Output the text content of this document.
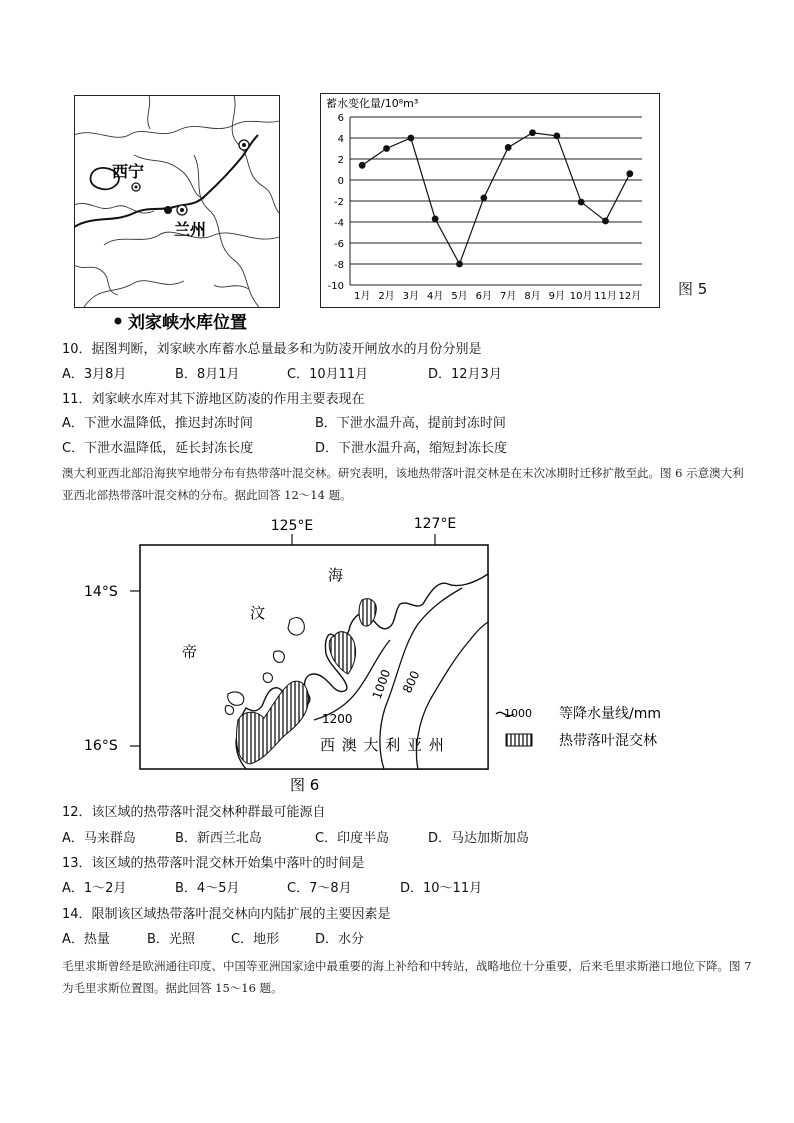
西宁
兰州
刘家峡水库位置
蓄水变化量/10⁸m³
6
4
2
0
-2
-4
-6
-8
-10
1月 2月 3月 4月 5月 6月 7月 8月 9月 10月 11月 12月 图 5
10．据图判断，刘家峡水库蓄水总量最多和为防凌开闸放水的月份分别是
A．3月8月	B．8月1月	C．10月11月	D．12月3月
11．刘家峡水库对其下游地区防凌的作用主要表现在
A．下泄水温降低，推迟封冻时间	B．下泄水温升高，提前封冻时间
C．下泄水温降低，延长封冻长度	D．下泄水温升高，缩短封冻长度
澳大利亚西北部沿海狭窄地带分布有热带落叶混交林。研究表明，该地热带落叶混交林是在末次冰期时迁移扩散至此。图 6 示意澳大利亚西北部热带落叶混交林的分布。据此回答 12～14 题。
125°E	127°E
14°S
16°S
1200
1000 800
帝
汶
海
西 澳 大 利 亚 州
1000 等降水量线/mm
热带落叶混交林
图 6
12．该区域的热带落叶混交林种群最可能源自
A．马来群岛	B．新西兰北岛	C．印度半岛	D．马达加斯加岛
13．该区域的热带落叶混交林开始集中落叶的时间是
A．1～2月	B．4～5月	C．7～8月	D．10～11月
14．限制该区域热带落叶混交林向内陆扩展的主要因素是
A．热量	B．光照	C．地形	D．水分
毛里求斯曾经是欧洲通往印度、中国等亚洲国家途中最重要的海上补给和中转站，战略地位十分重要，后来毛里求斯港口地位下降。图 7 为毛里求斯位置图。据此回答 15～16 题。
